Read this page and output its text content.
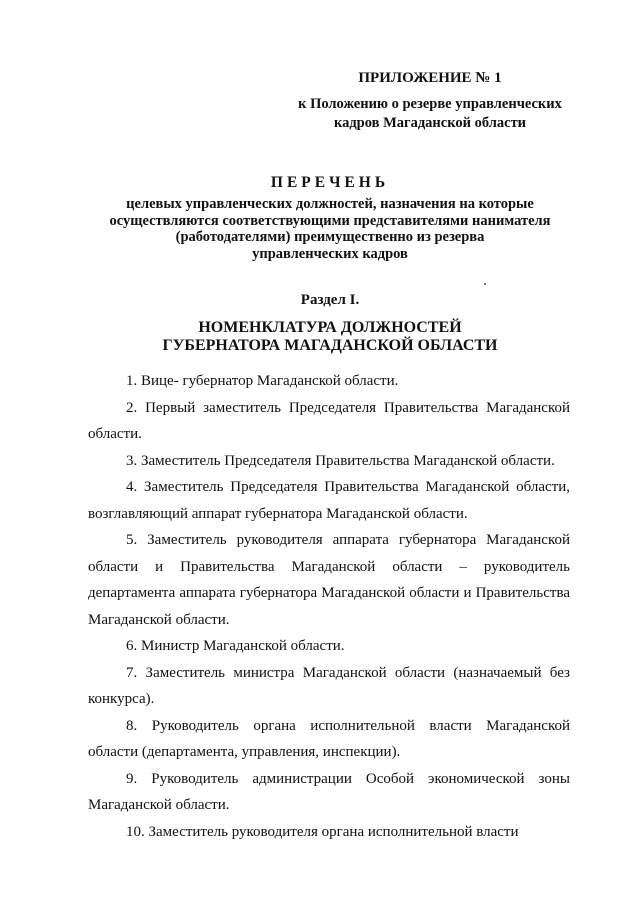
ПРИЛОЖЕНИЕ № 1
к Положению о резерве управленческих
кадров Магаданской области
ПЕРЕЧЕНЬ
целевых управленческих должностей, назначения на которые
осуществляются соответствующими представителями нанимателя
(работодателями) преимущественно из резерва
управленческих кадров
Раздел I.
НОМЕНКЛАТУРА ДОЛЖНОСТЕЙ
ГУБЕРНАТОРА МАГАДАНСКОЙ ОБЛАСТИ

1. Вице- губернатор Магаданской области.

2. Первый заместитель Председателя Правительства Магаданской области.

3. Заместитель Председателя Правительства Магаданской области.

4. Заместитель Председателя Правительства Магаданской области, возглавляющий аппарат губернатора Магаданской области.

5. Заместитель руководителя аппарата губернатора Магаданской области и Правительства Магаданской области – руководитель департамента аппарата губернатора Магаданской области и Правительства Магаданской области.

6. Министр Магаданской области.

7. Заместитель министра Магаданской области (назначаемый без конкурса).

8. Руководитель органа исполнительной власти Магаданской области (департамента, управления, инспекции).

9. Руководитель администрации Особой экономической зоны Магаданской области.

10. Заместитель руководителя органа исполнительной власти
